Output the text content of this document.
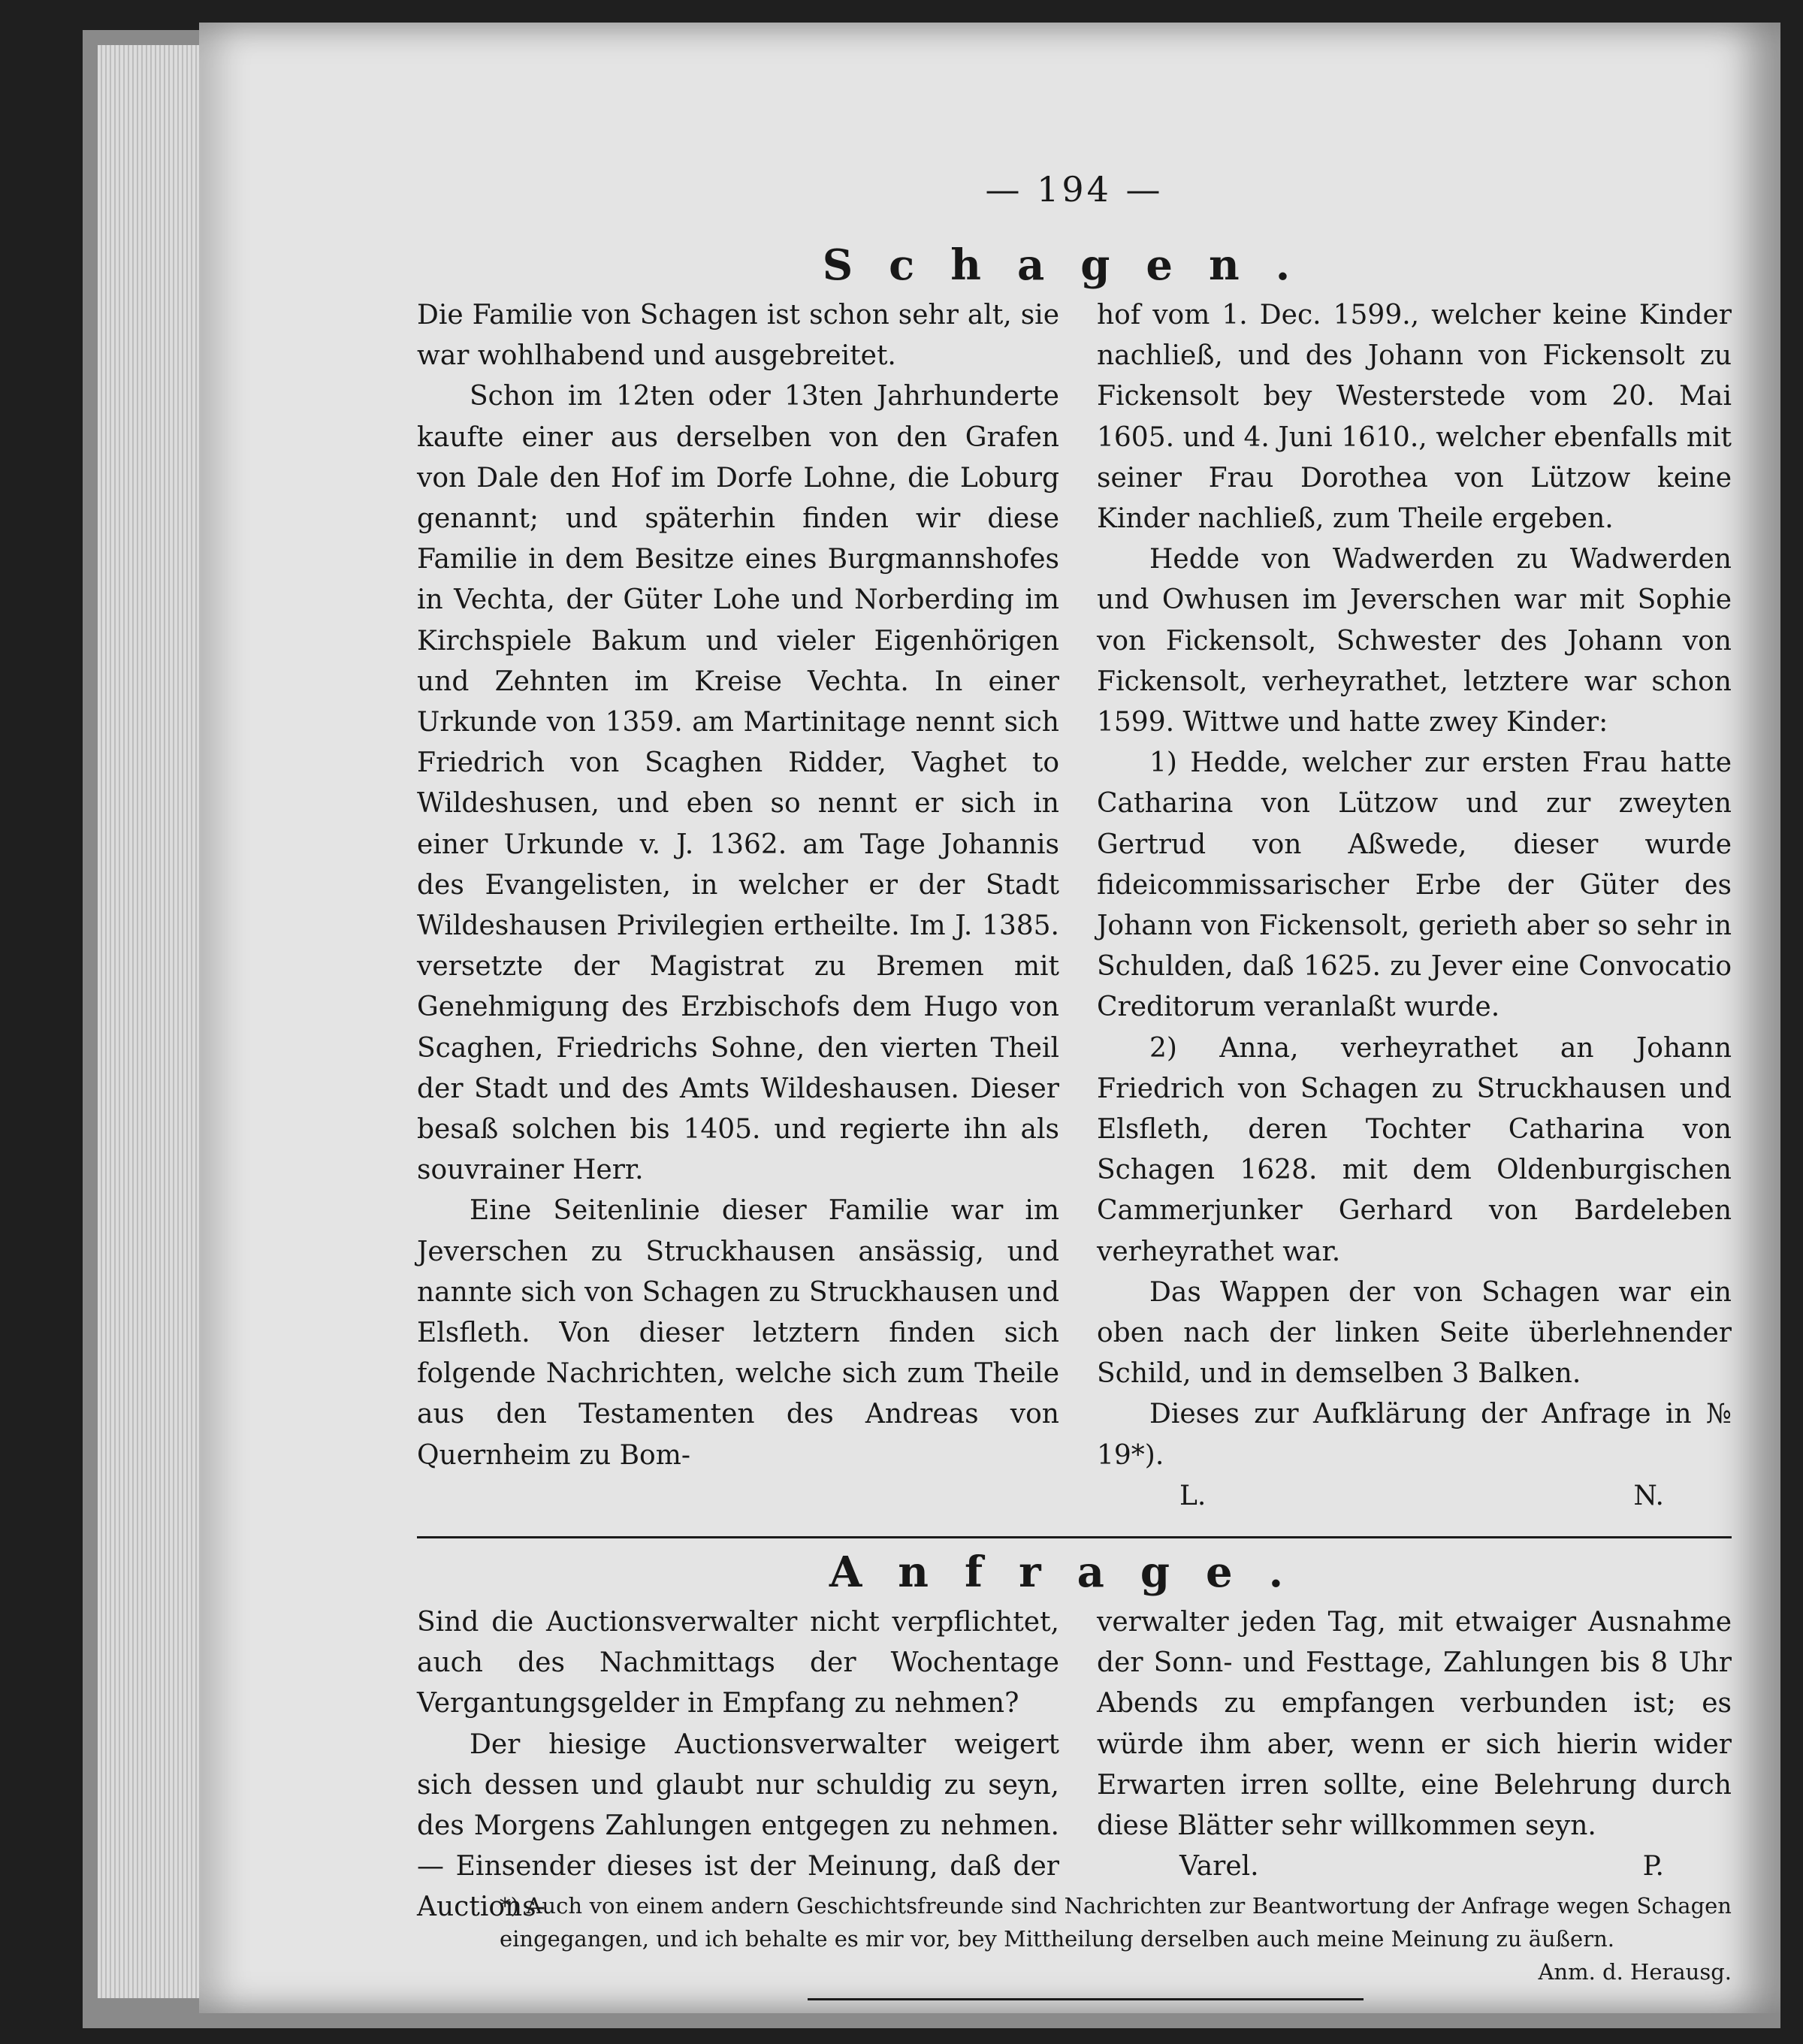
— 194 —
Schagen.

Die Familie von Schagen ist schon sehr alt, sie war wohlhabend und ausgebreitet.

Schon im 12ten oder 13ten Jahrhunderte kaufte einer aus derselben von den Grafen von Dale den Hof im Dorfe Lohne, die Loburg genannt; und späterhin finden wir diese Familie in dem Besitze eines Burgmannshofes in Vechta, der Güter Lohe und Norberding im Kirchspiele Bakum und vieler Eigenhörigen und Zehnten im Kreise Vechta. In einer Urkunde von 1359. am Martinitage nennt sich Friedrich von Scaghen Ridder, Vaghet to Wildeshusen, und eben so nennt er sich in einer Urkunde v. J. 1362. am Tage Johannis des Evangelisten, in welcher er der Stadt Wildeshausen Privilegien ertheilte. Im J. 1385. versetzte der Magistrat zu Bremen mit Genehmigung des Erzbischofs dem Hugo von Scaghen, Friedrichs Sohne, den vierten Theil der Stadt und des Amts Wildeshausen. Dieser besaß solchen bis 1405. und regierte ihn als souvrainer Herr.

Eine Seitenlinie dieser Familie war im Jeverschen zu Struckhausen ansässig, und nannte sich von Schagen zu Struckhausen und Elsfleth. Von dieser letztern finden sich folgende Nachrichten, welche sich zum Theile aus den Testamenten des Andreas von Quernheim zu Bom-

hof vom 1. Dec. 1599., welcher keine Kinder nachließ, und des Johann von Fickensolt zu Fickensolt bey Westerstede vom 20. Mai 1605. und 4. Juni 1610., welcher ebenfalls mit seiner Frau Dorothea von Lützow keine Kinder nachließ, zum Theile ergeben.

Hedde von Wadwerden zu Wadwerden und Owhusen im Jeverschen war mit Sophie von Fickensolt, Schwester des Johann von Fickensolt, verheyrathet, letztere war schon 1599. Wittwe und hatte zwey Kinder:

1) Hedde, welcher zur ersten Frau hatte Catharina von Lützow und zur zweyten Gertrud von Aßwede, dieser wurde fideicommissarischer Erbe der Güter des Johann von Fickensolt, gerieth aber so sehr in Schulden, daß 1625. zu Jever eine Convocatio Creditorum veranlaßt wurde.

2) Anna, verheyrathet an Johann Friedrich von Schagen zu Struckhausen und Elsfleth, deren Tochter Catharina von Schagen 1628. mit dem Oldenburgischen Cammerjunker Gerhard von Bardeleben verheyrathet war.

Das Wappen der von Schagen war ein oben nach der linken Seite überlehnender Schild, und in demselben 3 Balken.

Dieses zur Aufklärung der Anfrage in № 19*).

L.	N.
Anfrage.

Sind die Auctionsverwalter nicht verpflichtet, auch des Nachmittags der Wochentage Vergantungsgelder in Empfang zu nehmen?

Der hiesige Auctionsverwalter weigert sich dessen und glaubt nur schuldig zu seyn, des Morgens Zahlungen entgegen zu nehmen. — Einsender dieses ist der Meinung, daß der Auctions-

verwalter jeden Tag, mit etwaiger Ausnahme der Sonn- und Festtage, Zahlungen bis 8 Uhr Abends zu empfangen verbunden ist; es würde ihm aber, wenn er sich hierin wider Erwarten irren sollte, eine Belehrung durch diese Blätter sehr willkommen seyn.

Varel.	P.
*) Auch von einem andern Geschichtsfreunde sind Nachrichten zur Beantwortung der Anfrage wegen Schagen eingegangen, und ich behalte es mir vor, bey Mittheilung derselben auch meine Meinung zu äußern.
Anm. d. Herausg.
